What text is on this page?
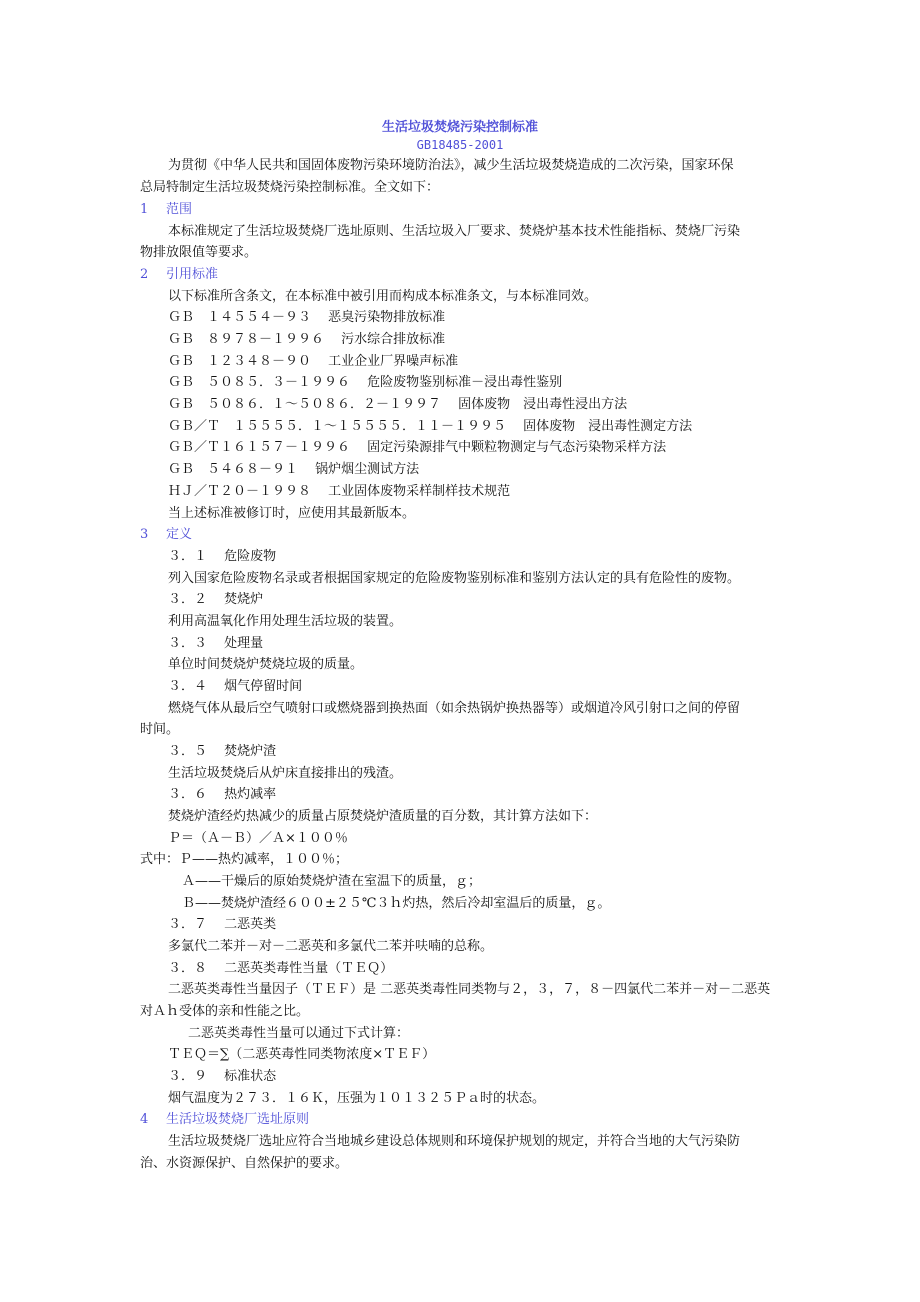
生活垃圾焚烧污染控制标准
GB18485-2001
为贯彻《中华人民共和国固体废物污染环境防治法》，减少生活垃圾焚烧造成的二次污染，国家环保
总局特制定生活垃圾焚烧污染控制标准。全文如下：
1 范围
本标准规定了生活垃圾焚烧厂选址原则、生活垃圾入厂要求、焚烧炉基本技术性能指标、焚烧厂污染
物排放限值等要求。
2 引用标准
以下标准所含条文，在本标准中被引用而构成本标准条文，与本标准同效。
ＧＢ　１４５５４－９３　 恶臭污染物排放标准
ＧＢ　８９７８－１９９６　 污水综合排放标准
ＧＢ　１２３４８－９０　 工业企业厂界噪声标准
ＧＢ　５０８５．３－１９９６　 危险废物鉴别标准－浸出毒性鉴别
ＧＢ　５０８６．１～５０８６．２－１９９７　 固体废物　浸出毒性浸出方法
ＧＢ／Ｔ　１５５５５．１～１５５５５．１１－１９９５　 固体废物　浸出毒性测定方法
ＧＢ／Ｔ１６１５７－１９９６　 固定污染源排气中颗粒物测定与气态污染物采样方法
ＧＢ　５４６８－９１　 锅炉烟尘测试方法
ＨＪ／Ｔ２０－１９９８　 工业固体废物采样制样技术规范
当上述标准被修订时，应使用其最新版本。
3 定义
３．１　 危险废物
列入国家危险废物名录或者根据国家规定的危险废物鉴别标准和鉴别方法认定的具有危险性的废物。
３．２　 焚烧炉
利用高温氧化作用处理生活垃圾的装置。
３．３　 处理量
单位时间焚烧炉焚烧垃圾的质量。
３．４　 烟气停留时间
燃烧气体从最后空气喷射口或燃烧器到换热面（如余热锅炉换热器等）或烟道冷风引射口之间的停留
时间。
３．５　 焚烧炉渣
生活垃圾焚烧后从炉床直接排出的残渣。
３．６　 热灼减率
焚烧炉渣经灼热减少的质量占原焚烧炉渣质量的百分数，其计算方法如下：
Ｐ＝（Ａ－Ｂ）／Ａ×１００％
式中：Ｐ——热灼减率，１００％；
Ａ——干燥后的原始焚烧炉渣在室温下的质量，ｇ；
Ｂ——焚烧炉渣经６００±２５℃３ｈ灼热，然后冷却室温后的质量，ｇ。
３．７　 二恶英类
多氯代二苯并－对－二恶英和多氯代二苯并呋喃的总称。
３．８　 二恶英类毒性当量（ＴＥＱ）
二恶英类毒性当量因子（ＴＥＦ）是 二恶英类毒性同类物与２，３，７，８－四氯代二苯并－对－二恶英
对Ａｈ受体的亲和性能之比。
二恶英类毒性当量可以通过下式计算：
ＴＥＱ＝∑（二恶英毒性同类物浓度×ＴＥＦ）
３．９　 标准状态
烟气温度为２７３．１６Ｋ，压强为１０１３２５Ｐａ时的状态。
4 生活垃圾焚烧厂选址原则
生活垃圾焚烧厂选址应符合当地城乡建设总体规则和环境保护规划的规定，并符合当地的大气污染防
治、水资源保护、自然保护的要求。
